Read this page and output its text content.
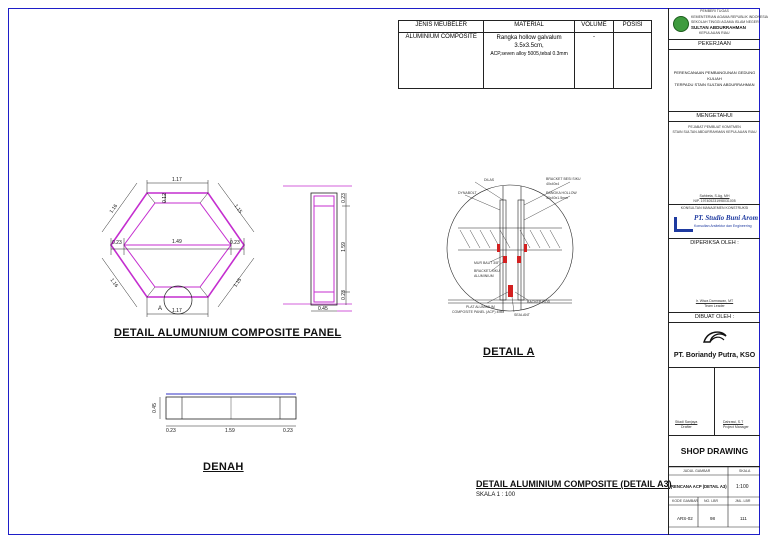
JENIS MEUBELER	MATERIAL	VOLUME	POSISI
ALUMINIUM COMPOSITE	Rangka hollow galvalum
3.5x3.5cm,
ACP,seven alloy 5005,tebal 0.3mm	-	
1.17
1.17
1.49
1.16	1.15
1.16	1.15
0.23	0.23
0.12
A
0.23
1.59
0.23
0.45
DETAIL ALUMUNIUM COMPOSITE PANEL
0.45
0.23	1.59	0.23
DENAH
DILAS
DYNABOLT
BRACKET BESI SIKU
40x40x4
RANGKA HOLLOW
40x40x1.5mm
MUR BAUT 3/8"
BRACKET SIKU
ALUMINIUM
PLAT ALUMINIUM
COMPOSITE PANEL (ACP) 4MM
BACKER ROD
SEALANT
DETAIL A
DETAIL ALUMINIUM COMPOSITE (DETAIL A3)
SKALA 1 : 100
PEMBERI TUGAS
KEMENTERIAN AGAMA REPUBLIK INDONESIA
SEKOLAH TINGGI AGAMA ISLAM NEGERI
SULTAN ABDURRAHMAN
KEPULAUAN RIAU
PEKERJAAN
PERENCANAAN PEMBANGUNAN GEDUNG
KULIAH
TERPADU STAIN SULTAN ABDURRAHMAN
MENGETAHUI
PEJABAT PEMBUAT KOMITMEN
STAIN SULTAN ABDURRAHMAN KEPULAUAN RIAU
Sahbeta, S.Ag, MH
NIP. 197405231998031005
KONSULTAN MANAJEMEN KONSTRUKSI
PT. Studio Buni Arom
Konsultan Arsitektur dan Engineering
DIPERIKSA OLEH :
Ir. Wiwa Darmawan, MT
Team Leader
DIBUAT OLEH :
PT. Boriandy Putra, KSO
Stiadi Sanjaya
Drafter
Dahrawi, S.T
Project Manager
SHOP DRAWING
JUDUL GAMBAR	SKALA
RENCANA ACP (DETAIL A3) 1:100
KODE GAMBAR NO. LBR	JML. LBR
ARS-02	98	111
